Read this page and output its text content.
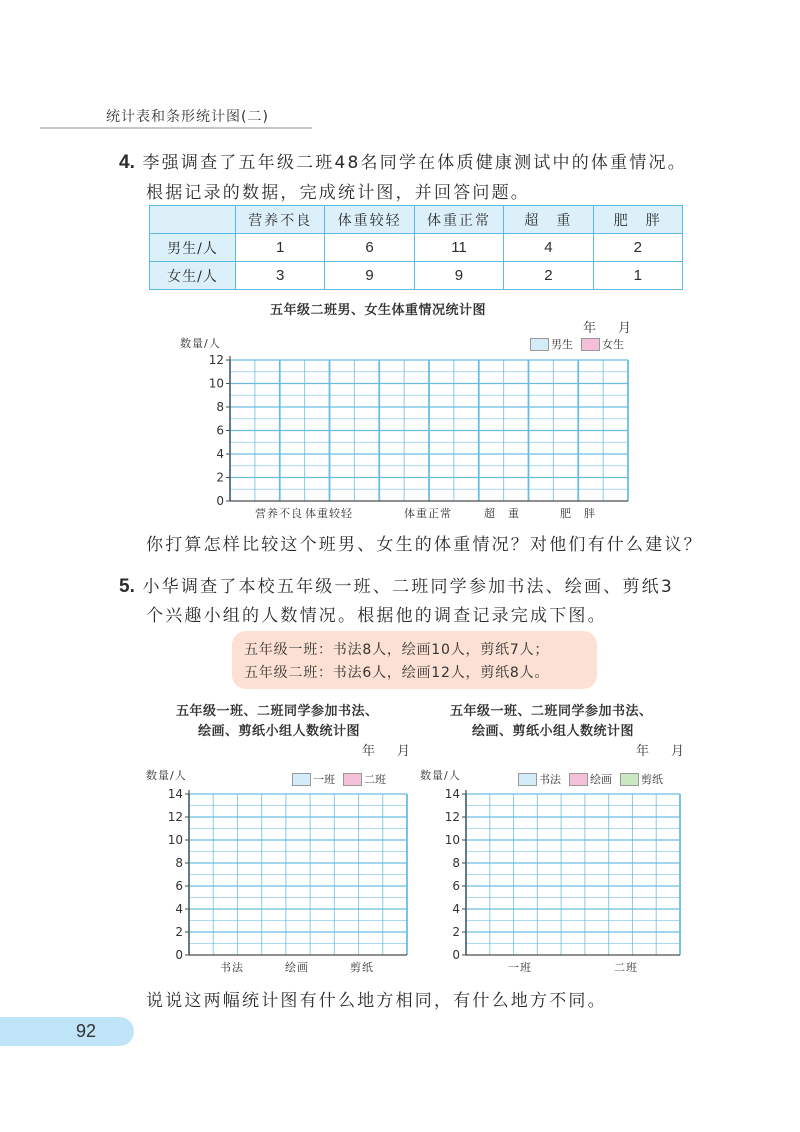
统计表和条形统计图(二)
4. 李强调查了五年级二班48名同学在体质健康测试中的体重情况。
根据记录的数据，完成统计图，并回答问题。
	营养不良	体重较轻	体重正常	超　重	肥　胖
男生/人	1	6	11	4	2
女生/人	3	9	9	2	1
五年级二班男、女生体重情况统计图
年月
数量/人	男生	女生
0
2
4
6
8
10
12
营养不良 体重较轻	体重正常	超　重	肥　胖
0
2
4
6
8
10
12
14
书法	绘画	剪纸
0
2
4
6
8
10
12
14
一班	二班
你打算怎样比较这个班男、女生的体重情况？对他们有什么建议？
5. 小华调查了本校五年级一班、二班同学参加书法、绘画、剪纸3
个兴趣小组的人数情况。根据他的调查记录完成下图。
五年级一班：书法8人，绘画10人，剪纸7人；
五年级二班：书法6人，绘画12人，剪纸8人。
五年级一班、二班同学参加书法、
绘画、剪纸小组人数统计图
年月
数量/人	一班	二班
五年级一班、二班同学参加书法、
绘画、剪纸小组人数统计图
年月
数量/人	书法	绘画	剪纸
说说这两幅统计图有什么地方相同，有什么地方不同。
92
